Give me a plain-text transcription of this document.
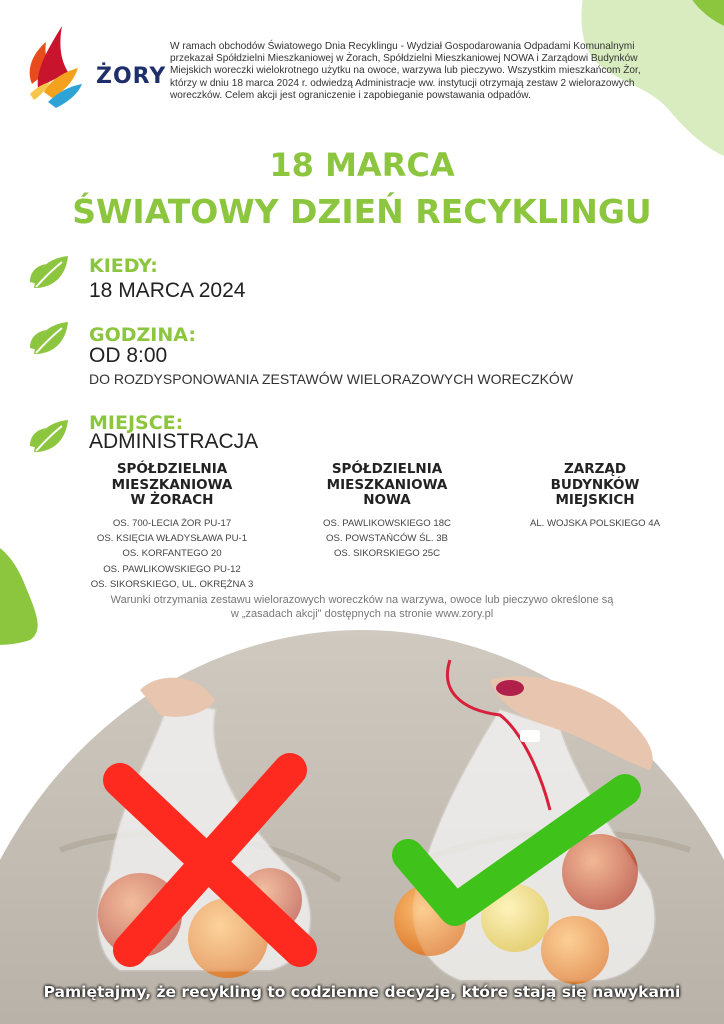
ŻORY
W ramach obchodów Światowego Dnia Recyklingu - Wydział Gospodarowania Odpadami Komunalnymi przekazał Spółdzielni Mieszkaniowej w Żorach, Spółdzielni Mieszkaniowej NOWA i Zarządowi Budynków Miejskich woreczki wielokrotnego użytku na owoce, warzywa lub pieczywo. Wszystkim mieszkańcom Żor, którzy w dniu 18 marca 2024 r. odwiedzą Administracje ww. instytucji otrzymają zestaw 2 wielorazowych woreczków. Celem akcji jest ograniczenie i zapobieganie powstawania odpadów.
18 MARCA
ŚWIATOWY DZIEŃ RECYKLINGU
KIEDY:
18 MARCA 2024
GODZINA:
OD 8:00
DO ROZDYSPONOWANIA ZESTAWÓW WIELORAZOWYCH WORECZKÓW
MIEJSCE:
ADMINISTRACJA
SPÓŁDZIELNIA
MIESZKANIOWA
W ŻORACH
OS. 700-LECIA ŻOR PU-17
OS. KSIĘCIA WŁADYSŁAWA PU-1
OS. KORFANTEGO 20
OS. PAWLIKOWSKIEGO PU-12
OS. SIKORSKIEGO, UL. OKRĘŻNA 3
SPÓŁDZIELNIA
MIESZKANIOWA
NOWA
OS. PAWLIKOWSKIEGO 18C
OS. POWSTAŃCÓW ŚL. 3B
OS. SIKORSKIEGO 25C
ZARZĄD
BUDYNKÓW
MIEJSKICH
AL. WOJSKA POLSKIEGO 4A
Warunki otrzymania zestawu wielorazowych woreczków na warzywa, owoce lub pieczywo określone są
w „zasadach akcji" dostępnych na stronie www.zory.pl
Pamiętajmy, że recykling to codzienne decyzje, które stają się nawykami
